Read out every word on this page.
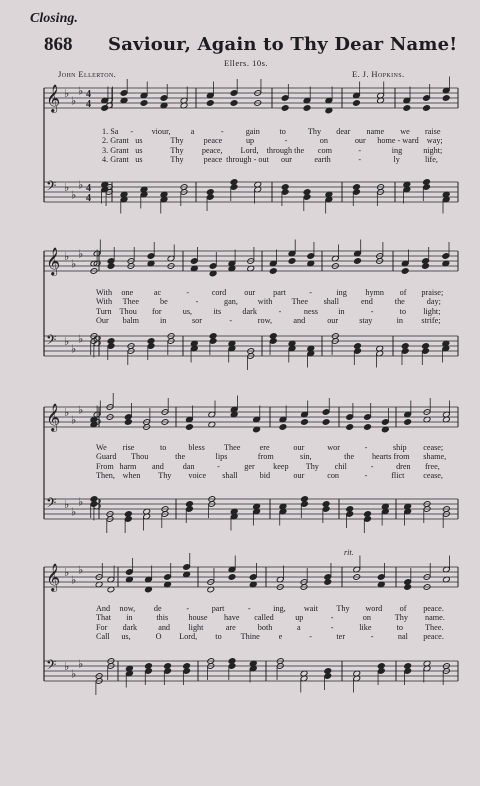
Closing.
868 Saviour, Again to Thy Dear Name!
Ellers. 10s.
John Ellerton.	E. J. Hopkins.
rit.
𝄞 ♭
♭
♭
𝄢 ♭
♭
♭
4
4
4
4
𝄞 ♭
♭
♭
𝄢 ♭
♭
♭
𝄞 ♭
♭
♭
𝄢 ♭
♭
♭
𝄞 ♭
♭
♭
𝄢 ♭
♭
♭
1. Sa - viour, a	-	gain to	Thy dear name we raise
2. Grant us	Thy peace	up	-	on	our home - ward way;
3. Grant us	Thy peace, Lord, through the com	-	ing	night;
4. Grant us	Thy peace through - out our	earth	-	ly	life,
With one	ac	-	cord our part	-	ing hymn of praise;
With Thee	be	-	gan, with Thee shall	end	the	day;
Turn Thou for	us,	its	dark	-	ness in	-	to light;
Our balm	in	sor	-	row,	and	our	stay	in strife;
We rise	to	bless Thee ere	our	wor	-	ship cease;
Guard Thou	the	lips	from	sin,	the hearts from shame,
From harm and dan	-	ger keep Thy chil	-	dren free,
Then, when Thy voice shall	bid	our	con	-	flict cease,
And now, de	-	part	-	ing, wait Thy word of peace.
That in	this house have called	up	-	on	Thy name.
For dark	and light	are	both	a	-	like	to	Thee.
Call us,	O Lord, to Thine e	-	ter	-	nal peace.
